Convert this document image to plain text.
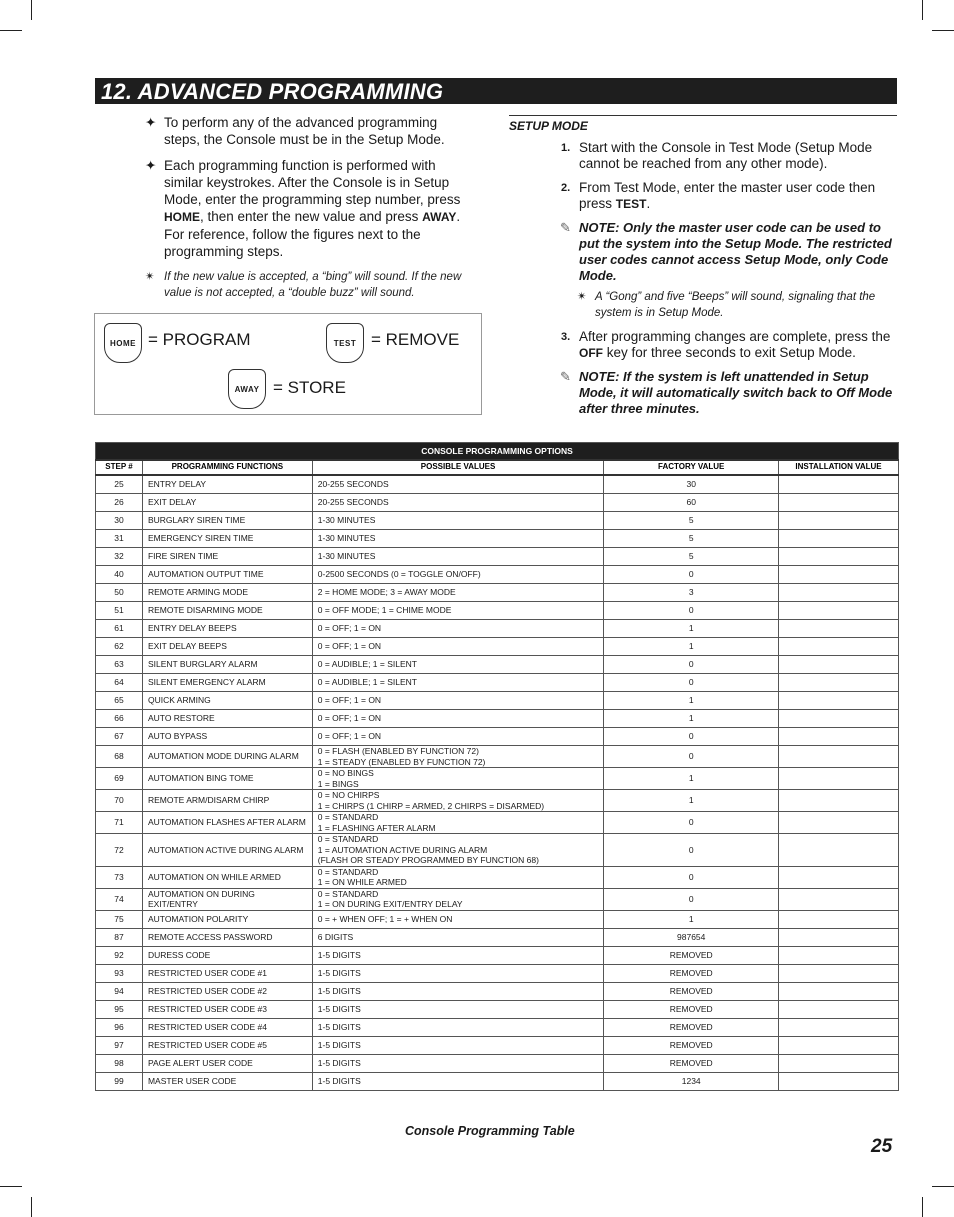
12. ADVANCED PROGRAMMING
✦ To perform any of the advanced programming steps, the Console must be in the Setup Mode.
✦ Each programming function is performed with similar keystrokes. After the Console is in Setup Mode, enter the programming step number, press HOME, then enter the new value and press AWAY. For reference, follow the figures next to the programming steps.
✴ If the new value is accepted, a “bing” will sound. If the new value is not accepted, a “double buzz” will sound.
HOME = PROGRAM	TEST = REMOVE
AWAY = STORE
SETUP MODE
1. Start with the Console in Test Mode (Setup Mode cannot be reached from any other mode).
2. From Test Mode, enter the master user code then press TEST.
✎ NOTE: Only the master user code can be used to put the system into the Setup Mode. The restricted user codes cannot access Setup Mode, only Code Mode.
✴ A “Gong” and five “Beeps” will sound, signaling that the system is in Setup Mode.
3. After programming changes are complete, press the OFF key for three seconds to exit Setup Mode.
✎ NOTE: If the system is left unattended in Setup Mode, it will automatically switch back to Off Mode after three minutes.
CONSOLE PROGRAMMING OPTIONS				
STEP #	PROGRAMMING FUNCTIONS	POSSIBLE VALUES	FACTORY VALUE	INSTALLATION VALUE
25	ENTRY DELAY	20-255 SECONDS	30	
26	EXIT DELAY	20-255 SECONDS	60	
30	BURGLARY SIREN TIME	1-30 MINUTES	5	
31	EMERGENCY SIREN TIME	1-30 MINUTES	5	
32	FIRE SIREN TIME	1-30 MINUTES	5	
40	AUTOMATION OUTPUT TIME	0-2500 SECONDS (0 = TOGGLE ON/OFF)	0	
50	REMOTE ARMING MODE	2 = HOME MODE; 3 = AWAY MODE	3	
51	REMOTE DISARMING MODE	0 = OFF MODE; 1 = CHIME MODE	0	
61	ENTRY DELAY BEEPS	0 = OFF; 1 = ON	1	
62	EXIT DELAY BEEPS	0 = OFF; 1 = ON	1	
63	SILENT BURGLARY ALARM	0 = AUDIBLE; 1 = SILENT	0	
64	SILENT EMERGENCY ALARM	0 = AUDIBLE; 1 = SILENT	0	
65	QUICK ARMING	0 = OFF; 1 = ON	1	
66	AUTO RESTORE	0 = OFF; 1 = ON	1	
67	AUTO BYPASS	0 = OFF; 1 = ON	0	
68	AUTOMATION MODE DURING ALARM	0 = FLASH (ENABLED BY FUNCTION 72)
1 = STEADY (ENABLED BY FUNCTION 72)	0	
69	AUTOMATION BING TOME	0 = NO BINGS
1 = BINGS	1	
70	REMOTE ARM/DISARM CHIRP	0 = NO CHIRPS
1 = CHIRPS (1 CHIRP = ARMED, 2 CHIRPS = DISARMED)	1	
71	AUTOMATION FLASHES AFTER ALARM	0 = STANDARD
1 = FLASHING AFTER ALARM	0	
72	AUTOMATION ACTIVE DURING ALARM	0 = STANDARD
1 = AUTOMATION ACTIVE DURING ALARM
(FLASH OR STEADY PROGRAMMED BY FUNCTION 68)	0	
73	AUTOMATION ON WHILE ARMED	0 = STANDARD
1 = ON WHILE ARMED	0	
74	AUTOMATION ON DURING EXIT/ENTRY	0 = STANDARD
1 = ON DURING EXIT/ENTRY DELAY	0	
75	AUTOMATION POLARITY	0 = + WHEN OFF; 1 = + WHEN ON	1	
87	REMOTE ACCESS PASSWORD	6 DIGITS	987654	
92	DURESS CODE	1-5 DIGITS	REMOVED	
93	RESTRICTED USER CODE #1	1-5 DIGITS	REMOVED	
94	RESTRICTED USER CODE #2	1-5 DIGITS	REMOVED	
95	RESTRICTED USER CODE #3	1-5 DIGITS	REMOVED	
96	RESTRICTED USER CODE #4	1-5 DIGITS	REMOVED	
97	RESTRICTED USER CODE #5	1-5 DIGITS	REMOVED	
98	PAGE ALERT USER CODE	1-5 DIGITS	REMOVED	
99	MASTER USER CODE	1-5 DIGITS	1234	
Console Programming Table
25
